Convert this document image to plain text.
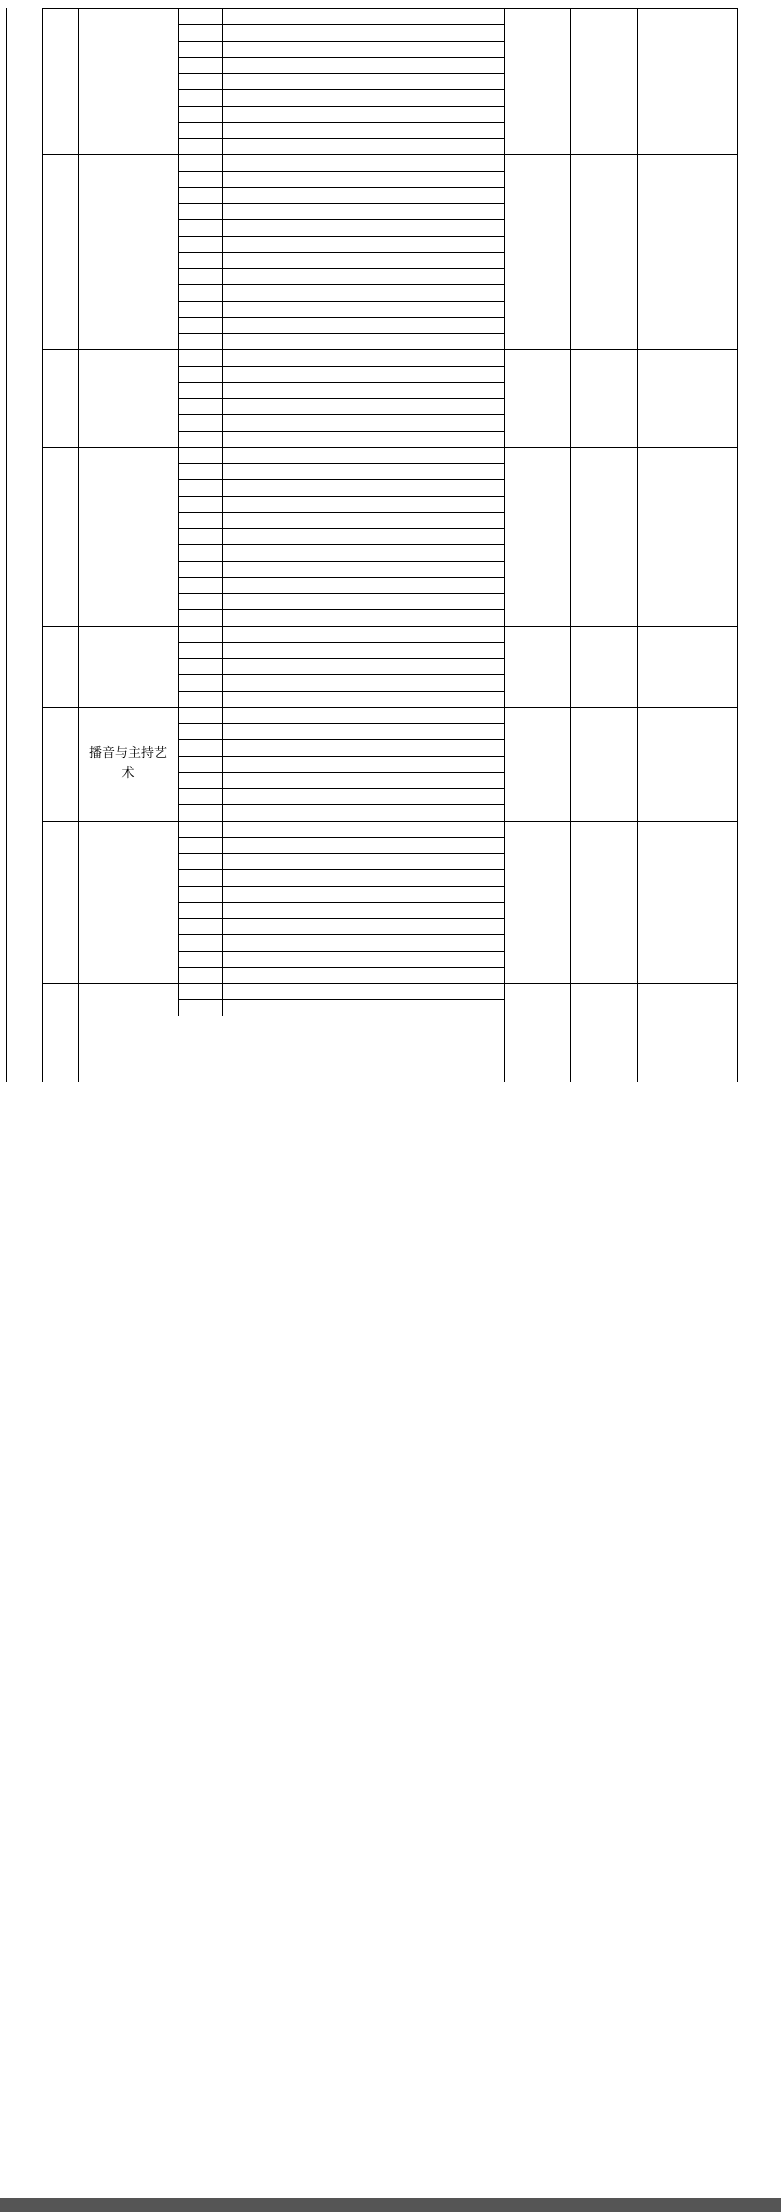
播音与主持艺
术
